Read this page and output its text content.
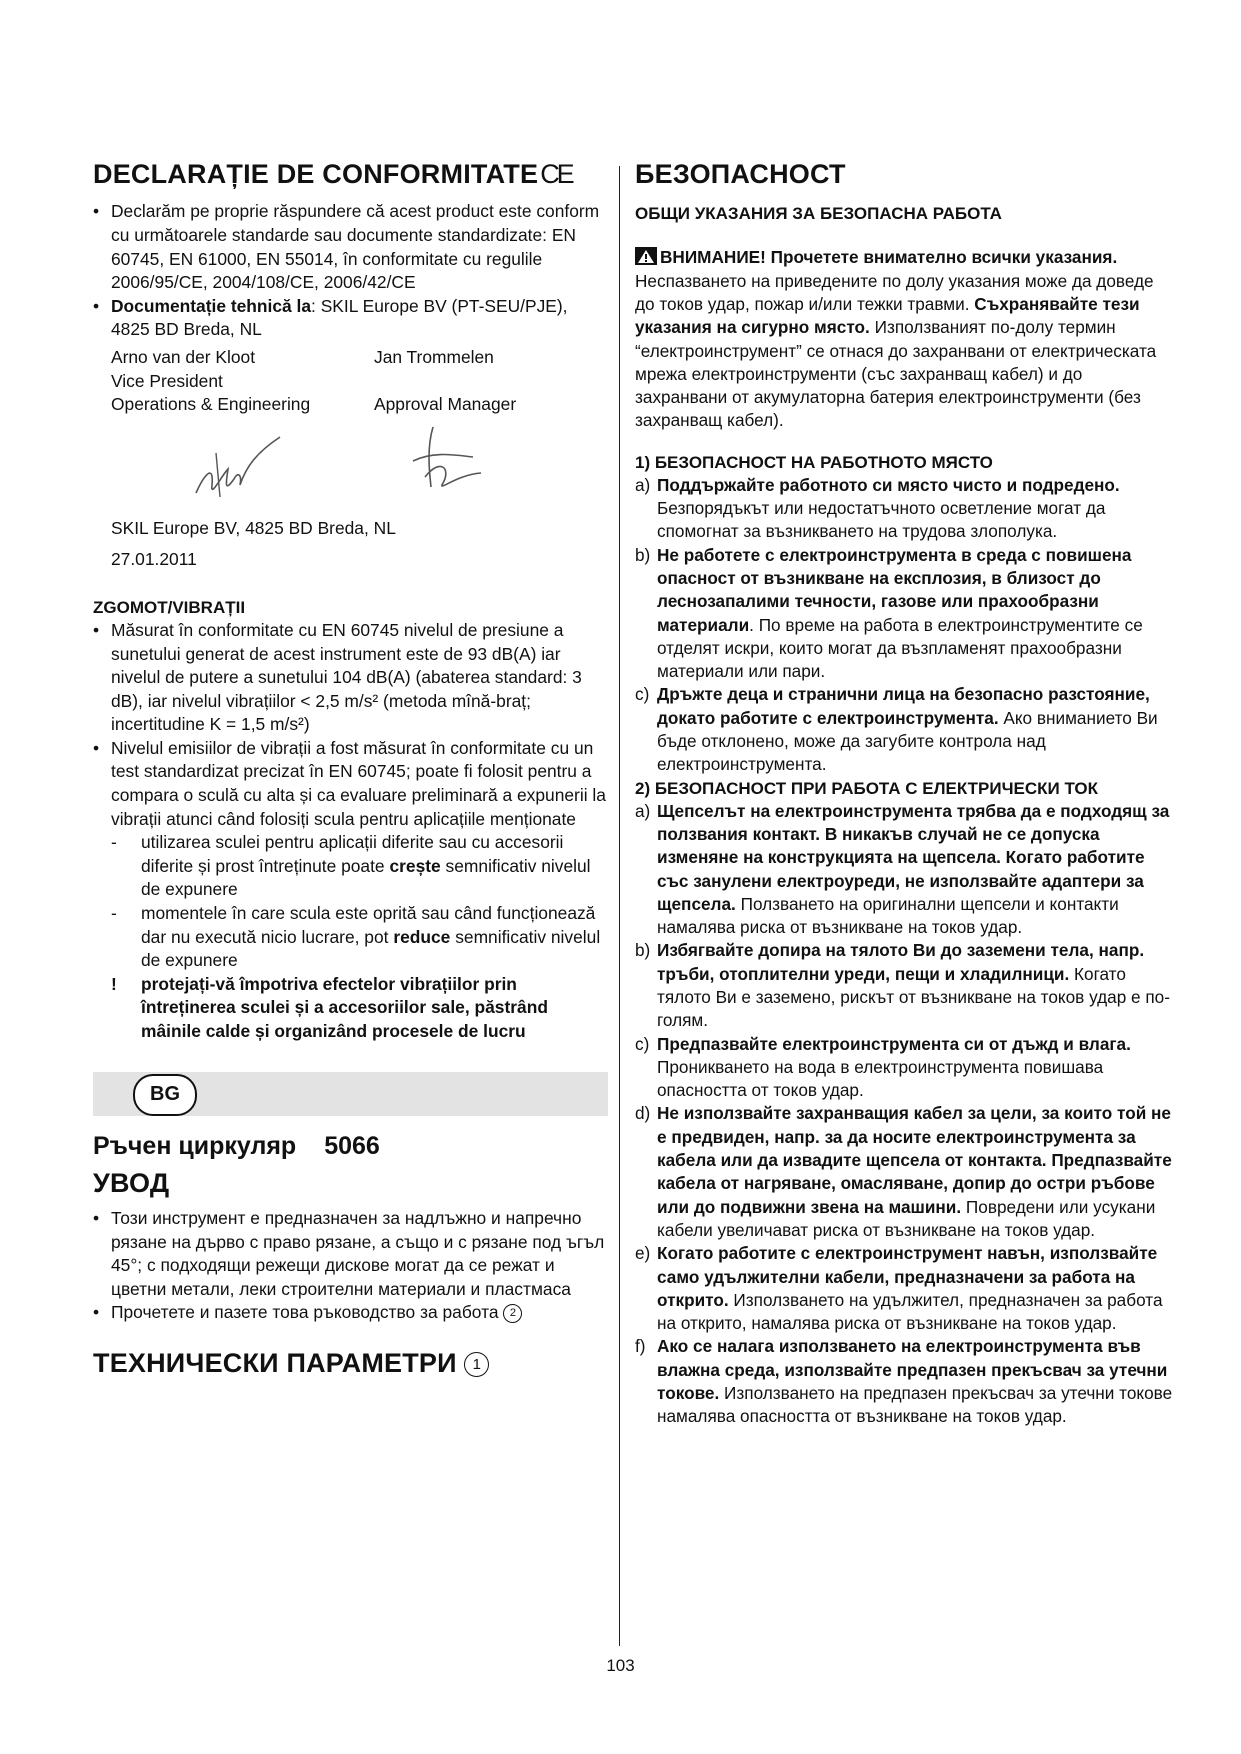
DECLARAȚIE DE CONFORMITATECE
• Declarăm pe proprie răspundere că acest product este conform cu următoarele standarde sau documente standardizate: EN 60745, EN 61000, EN 55014, în conformitate cu regulile 2006/95/CE, 2004/108/CE, 2006/42/CE
• Documentație tehnică la: SKIL Europe BV (PT-SEU/PJE), 4825 BD Breda, NL
Arno van der Kloot	Jan Trommelen
Vice President
Operations & Engineering	Approval Manager
SKIL Europe BV, 4825 BD Breda, NL
27.01.2011
ZGOMOT/VIBRAȚII
• Măsurat în conformitate cu EN 60745 nivelul de presiune a sunetului generat de acest instrument este de 93 dB(A) iar nivelul de putere a sunetului 104 dB(A) (abaterea standard: 3 dB), iar nivelul vibrațiilor < 2,5 m/s² (metoda mînă-braț; incertitudine K = 1,5 m/s²)
• Nivelul emisiilor de vibrații a fost măsurat în conformitate cu un test standardizat precizat în EN 60745; poate fi folosit pentru a compara o sculă cu alta și ca evaluare preliminară a expunerii la vibrații atunci când folosiți scula pentru aplicațiile menționate
- utilizarea sculei pentru aplicații diferite sau cu accesorii diferite și prost întreținute poate crește semnificativ nivelul de expunere
- momentele în care scula este oprită sau când funcționează dar nu execută nicio lucrare, pot reduce semnificativ nivelul de expunere
! protejați-vă împotriva efectelor vibrațiilor prin întreținerea sculei și a accesoriilor sale, păstrând mâinile calde și organizând procesele de lucru
BG
Ръчен циркуляр 5066
УВОД
• Този инструмент е предназначен за надлъжно и напречно рязане на дърво с право рязане, а също и с рязане под ъгъл 45°; с подходящи режещи дискове могат да се режат и цветни метали, леки строителни материали и пластмаса
• Прочетете и пазете това ръководство за работа 2
ТЕХНИЧЕСКИ ПАРАМЕТРИ 1
БЕЗОПАСНОСТ
ОБЩИ УКАЗАНИЯ ЗА БЕЗОПАСНА РАБОТА
ВНИМАНИЕ! Прочетете внимателно всички указания. Неспазването на приведените по долу указания може да доведе до токов удар, пожар и/или тежки травми. Съхранявайте тези указания на сигурно място. Използваният по-долу термин “електроинструмент” се отнася до захранвани от електрическата мрежа електроинструменти (със захранващ кабел) и до захранвани от акумулаторна батерия електроинструменти (без захранващ кабел).
1) БЕЗОПАСНОСТ НА РАБОТНОТО МЯСТО
a) Поддържайте работното си място чисто и подредено. Безпорядъкът или недостатъчното осветление могат да спомогнат за възникването на трудова злополука.
b) Не работете с електроинструмента в среда с повишена опасност от възникване на експлозия, в близост до леснозапалими течности, газове или прахообразни материали. По време на работа в електроинструментите се отделят искри, които могат да възпламенят прахообразни материали или пари.
c) Дръжте деца и странични лица на безопасно разстояние, докато работите с електроинструмента. Ако вниманието Ви бъде отклонено, може да загубите контрола над електроинструмента.
2) БЕЗОПАСНОСТ ПРИ РАБОТА С ЕЛЕКТРИЧЕСКИ ТОК
a) Щепселът на електроинструмента трябва да е подходящ за ползвания контакт. В никакъв случай не се допуска изменяне на конструкцията на щепсела. Когато работите със занулени електроуреди, не използвайте адаптери за щепсела. Ползването на оригинални щепсели и контакти намалява риска от възникване на токов удар.
b) Избягвайте допира на тялото Ви до заземени тела, напр. тръби, отоплителни уреди, пещи и хладилници. Когато тялото Ви е заземено, рискът от възникване на токов удар е по-голям.
c) Предпазвайте електроинструмента си от дъжд и влага. Проникването на вода в електроинструмента повишава опасността от токов удар.
d) Не използвайте захранващия кабел за цели, за които той не е предвиден, напр. за да носите електроинструмента за кабела или да извадите щепсела от контакта. Предпазвайте кабела от нагряване, омасляване, допир до остри ръбове или до подвижни звена на машини. Повредени или усукани кабели увеличават риска от възникване на токов удар.
e) Когато работите с електроинструмент навън, използвайте само удължителни кабели, предназначени за работа на открито. Използването на удължител, предназначен за работа на открито, намалява риска от възникване на токов удар.
f) Ако се налага използването на електроинструмента във влажна среда, използвайте предпазен прекъсвач за утечни токове. Използването на предпазен прекъсвач за утечни токове намалява опасността от възникване на токов удар.
103
